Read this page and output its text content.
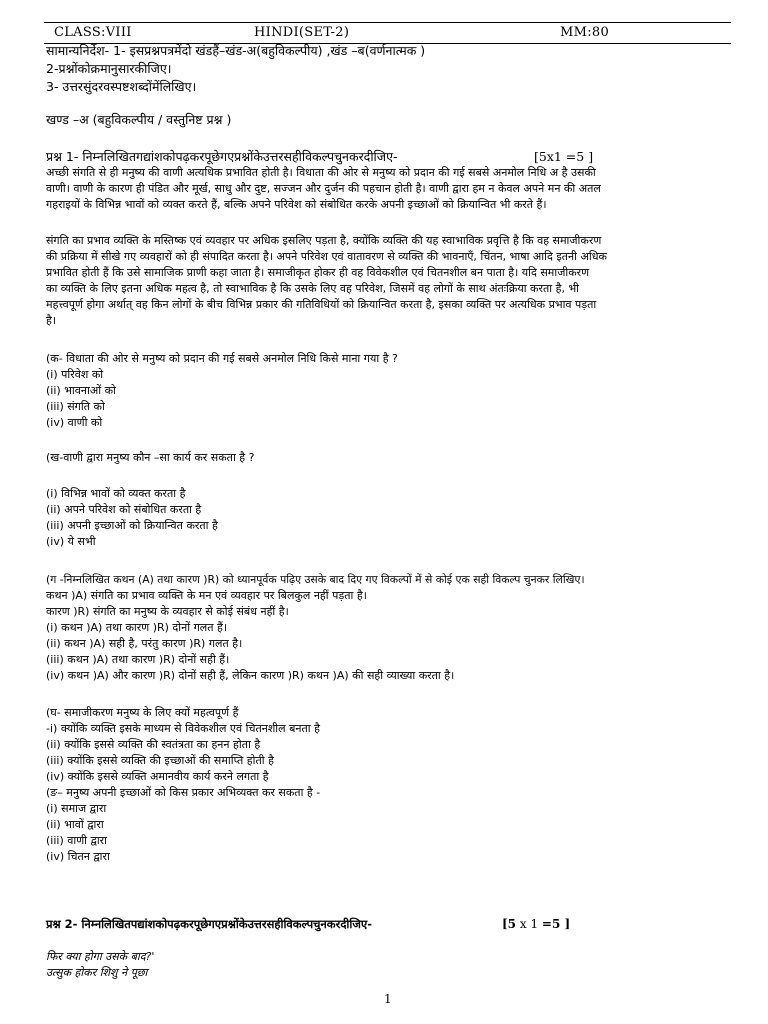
CLASS:VIII	HINDI(SET-2)	MM:80
सामान्यनिर्देश- 1- इसप्रश्नपत्रमेंदो खंडहैं–खंड-अ(बहुविकल्पीय) ,खंड –ब(वर्णनात्मक )
2-प्रश्नोंकोक्रमानुसारकीजिए।
3- उत्तरसुंदरवस्पष्टशब्दोंमेंलिखिए।
खण्ड –अ (बहुविकल्पीय / वस्तुनिष्ट प्रश्न )
प्रश्न 1- निम्नलिखितगद्यांशकोपढ़करपूछेगएप्रश्नोंकेउत्तरसहीविकल्पचुनकरदीजिए-	[5x1 =5 ]
अच्छी संगति से ही मनुष्य की वाणी अत्यधिक प्रभावित होती है। विधाता की ओर से मनुष्य को प्रदान की गई सबसे अनमोल निधि अ है उसकी
वाणी। वाणी के कारण ही पंडित और मूर्ख, साधु और दुष्ट, सज्जन और दुर्जन की पहचान होती है। वाणी द्वारा हम न केवल अपने मन की अतल
गहराइयों के विभिन्न भावों को व्यक्त करते हैं, बल्कि अपने परिवेश को संबोधित करके अपनी इच्छाओं को क्रियान्वित भी करते हैं।
संगति का प्रभाव व्यक्ति के मस्तिष्क एवं व्यवहार पर अधिक इसलिए पड़ता है, क्योंकि व्यक्ति की यह स्वाभाविक प्रवृत्ति है कि वह समाजीकरण
की प्रक्रिया में सीखे गए व्यवहारों को ही संपादित करता है। अपने परिवेश एवं वातावरण से व्यक्ति की भावनाएँ, चिंतन, भाषा आदि इतनी अधिक
प्रभावित होती हैं कि उसे सामाजिक प्राणी कहा जाता है। समाजीकृत होकर ही वह विवेकशील एवं चितनशील बन पाता है। यदि समाजीकरण
का व्यक्ति के लिए इतना अधिक महत्व है, तो स्वाभाविक है कि उसके लिए वह परिवेश, जिसमें वह लोगों के साथ अंतःक्रिया करता है, भी
महत्त्वपूर्ण होगा अर्थात् वह किन लोगों के बीच विभिन्न प्रकार की गतिविधियों को क्रियान्वित करता है, इसका व्यक्ति पर अत्यधिक प्रभाव पड़ता
है।
(क- विधाता की ओर से मनुष्य को प्रदान की गई सबसे अनमोल निधि किसे माना गया है ?
(i) परिवेश को
(ii) भावनाओं को
(iii) संगति को
(iv) वाणी को
(ख-वाणी द्वारा मनुष्य कौन –सा कार्य कर सकता है ?
(i) विभिन्न भावों को व्यक्त करता है
(ii) अपने परिवेश को संबोधित करता है
(iii) अपनी इच्छाओं को क्रियान्वित करता है
(iv) ये सभी
(ग -निम्नलिखित कथन (A) तथा कारण )R) को ध्यानपूर्वक पढ़िए उसके बाद दिए गए विकल्पों में से कोई एक सही विकल्प चुनकर लिखिए।
कथन )A) संगति का प्रभाव व्यक्ति के मन एवं व्यवहार पर बिलकुल नहीं पड़ता है।
कारण )R) संगति का मनुष्य के व्यवहार से कोई संबंध नहीं है।
(i) कथन )A) तथा कारण )R) दोनों गलत हैं।
(ii) कथन )A) सही है, परंतु कारण )R) गलत है।
(iii) कथन )A) तथा कारण )R) दोनों सही हैं।
(iv) कथन )A) और कारण )R) दोनों सही हैं, लेकिन कारण )R) कथन )A) की सही व्याख्या करता है।
(घ- समाजीकरण मनुष्य के लिए क्यों महत्वपूर्ण हैं
-i) क्योंकि व्यक्ति इसके माध्यम से विवेकशील एवं चितनशील बनता है
(ii) क्योंकि इससे व्यक्ति की स्वतंत्रता का हनन होता है
(iii) क्योंकि इससे व्यक्ति की इच्छाओं की समाप्ति होती है
(iv) क्योंकि इससे व्यक्ति अमानवीय कार्य करने लगता है
(ङ– मनुष्य अपनी इच्छाओं को किस प्रकार अभिव्यक्त कर सकता है -
(i) समाज द्वारा
(ii) भावों द्वारा
(iii) वाणी द्वारा
(iv) चितन द्वारा
प्रश्न 2- निम्नलिखितपद्यांशकोपढ़करपूछेगएप्रश्नोंकेउत्तरसहीविकल्पचुनकरदीजिए-	[5 x 1 =5 ]
फिर क्या होगा उसके बाद?'
उत्सुक होकर शिशु ने पूछा
1
